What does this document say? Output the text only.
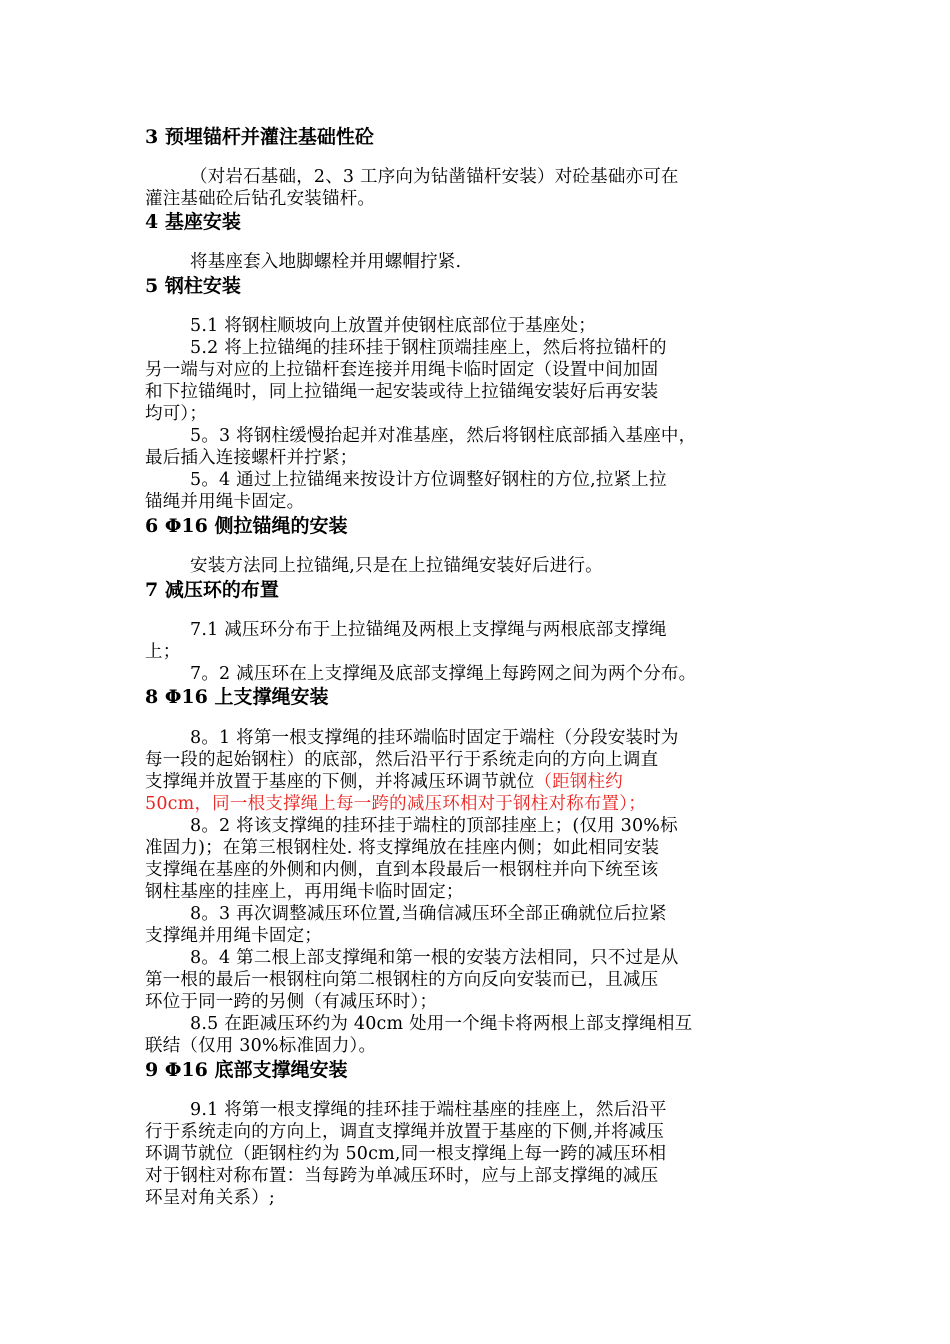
3 预埋锚杆并灌注基础性砼
（对岩石基础，2、3 工序向为钻凿锚杆安装）对砼基础亦可在
灌注基础砼后钻孔安装锚杆。
4 基座安装
将基座套入地脚螺栓并用螺帽拧紧.
5 钢柱安装
5.1 将钢柱顺坡向上放置并使钢柱底部位于基座处；
5.2 将上拉锚绳的挂环挂于钢柱顶端挂座上，然后将拉锚杆的
另一端与对应的上拉锚杆套连接并用绳卡临时固定（设置中间加固
和下拉锚绳时，同上拉锚绳一起安装或待上拉锚绳安装好后再安装
均可）；
5。3 将钢柱缓慢抬起并对准基座，然后将钢柱底部插入基座中，
最后插入连接螺杆并拧紧；
5。4 通过上拉锚绳来按设计方位调整好钢柱的方位,拉紧上拉
锚绳并用绳卡固定。
6 Φ16 侧拉锚绳的安装
安装方法同上拉锚绳,只是在上拉锚绳安装好后进行。
7 减压环的布置
7.1 减压环分布于上拉锚绳及两根上支撑绳与两根底部支撑绳
上；
7。2 减压环在上支撑绳及底部支撑绳上每跨网之间为两个分布。
8 Φ16 上支撑绳安装
8。1 将第一根支撑绳的挂环端临时固定于端柱（分段安装时为
每一段的起始钢柱）的底部，然后沿平行于系统走向的方向上调直
支撑绳并放置于基座的下侧，并将减压环调节就位（距钢柱约
50cm，同一根支撑绳上每一跨的减压环相对于钢柱对称布置）；
8。2 将该支撑绳的挂环挂于端柱的顶部挂座上；(仅用 30%标
准固力)；在第三根钢柱处. 将支撑绳放在挂座内侧；如此相同安装
支撑绳在基座的外侧和内侧，直到本段最后一根钢柱并向下统至该
钢柱基座的挂座上，再用绳卡临时固定；
8。3 再次调整减压环位置,当确信减压环全部正确就位后拉紧
支撑绳并用绳卡固定；
8。4 第二根上部支撑绳和第一根的安装方法相同，只不过是从
第一根的最后一根钢柱向第二根钢柱的方向反向安装而已，且减压
环位于同一跨的另侧（有减压环时）；
8.5 在距减压环约为 40cm 处用一个绳卡将两根上部支撑绳相互
联结（仅用 30%标准固力）。
9 Φ16 底部支撑绳安装
9.1 将第一根支撑绳的挂环挂于端柱基座的挂座上，然后沿平
行于系统走向的方向上，调直支撑绳并放置于基座的下侧,并将减压
环调节就位（距钢柱约为 50cm,同一根支撑绳上每一跨的减压环相
对于钢柱对称布置：当每跨为单减压环时，应与上部支撑绳的减压
环呈对角关系）;
